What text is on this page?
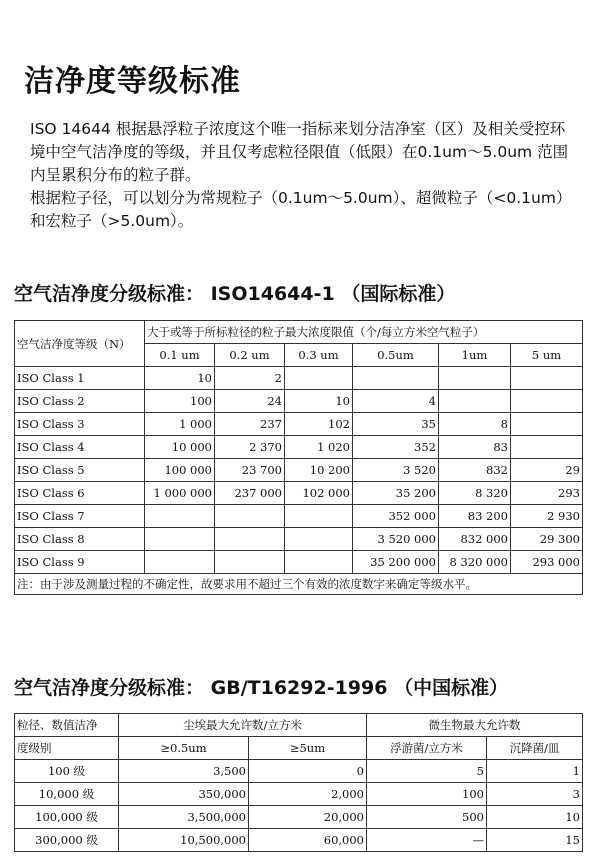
洁净度等级标准

ISO 14644 根据悬浮粒子浓度这个唯一指标来划分洁净室（区）及相关受控环境中空气洁净度的等级，并且仅考虑粒径限值（低限）在0.1um～5.0um 范围内呈累积分布的粒子群。

根据粒子径，可以划分为常规粒子（0.1um～5.0um）、超微粒子（<0.1um）和宏粒子（>5.0um）。

空气洁净度分级标准： ISO14644-1 （国际标准）
空气洁净度等级（N）	大于或等于所标粒径的粒子最大浓度限值（个/每立方米空气粒子）					
	0.1 um	0.2 um	0.3 um	0.5um	1um	5 um
ISO Class 1	10	2				
ISO Class 2	100	24	10	4		
ISO Class 3	1 000	237	102	35	8	
ISO Class 4	10 000	2 370	1 020	352	83	
ISO Class 5	100 000	23 700	10 200	3 520	832	29
ISO Class 6	1 000 000	237 000	102 000	35 200	8 320	293
ISO Class 7				352 000	83 200	2 930
ISO Class 8				3 520 000	832 000	29 300
ISO Class 9				35 200 000	8 320 000	293 000
注：由于涉及测量过程的不确定性，故要求用不超过三个有效的浓度数字来确定等级水平。						
空气洁净度分级标准： GB/T16292-1996 （中国标准）
粒径、数值洁净	尘埃最大允许数/立方米		微生物最大允许数	
度级别	≥0.5um	≥5um	浮游菌/立方米	沉降菌/皿
100 级	3,500	0	5	1
10,000 级	350,000	2,000	100	3
100,000 级	3,500,000	20,000	500	10
300,000 级	10,500,000	60,000	—	15
